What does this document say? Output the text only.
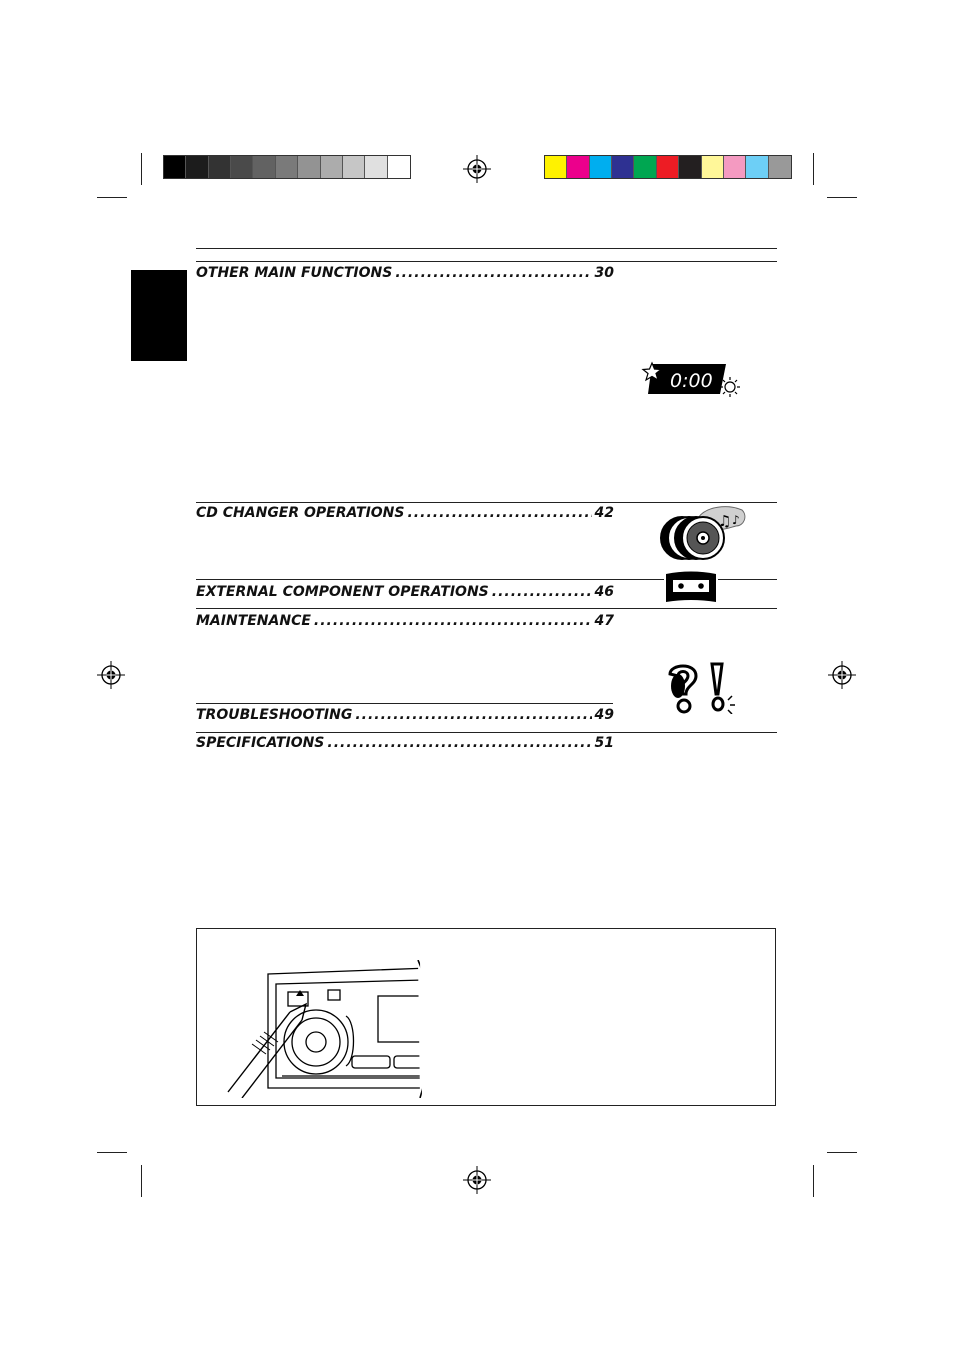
OTHER MAIN FUNCTIONS .....	30
CD CHANGER OPERATIONS .....	42
EXTERNAL COMPONENT OPERATIONS .....	46
MAINTENANCE .....	47
TROUBLESHOOTING .....	49
SPECIFICATIONS .....	51
0:00
♫ ♪
